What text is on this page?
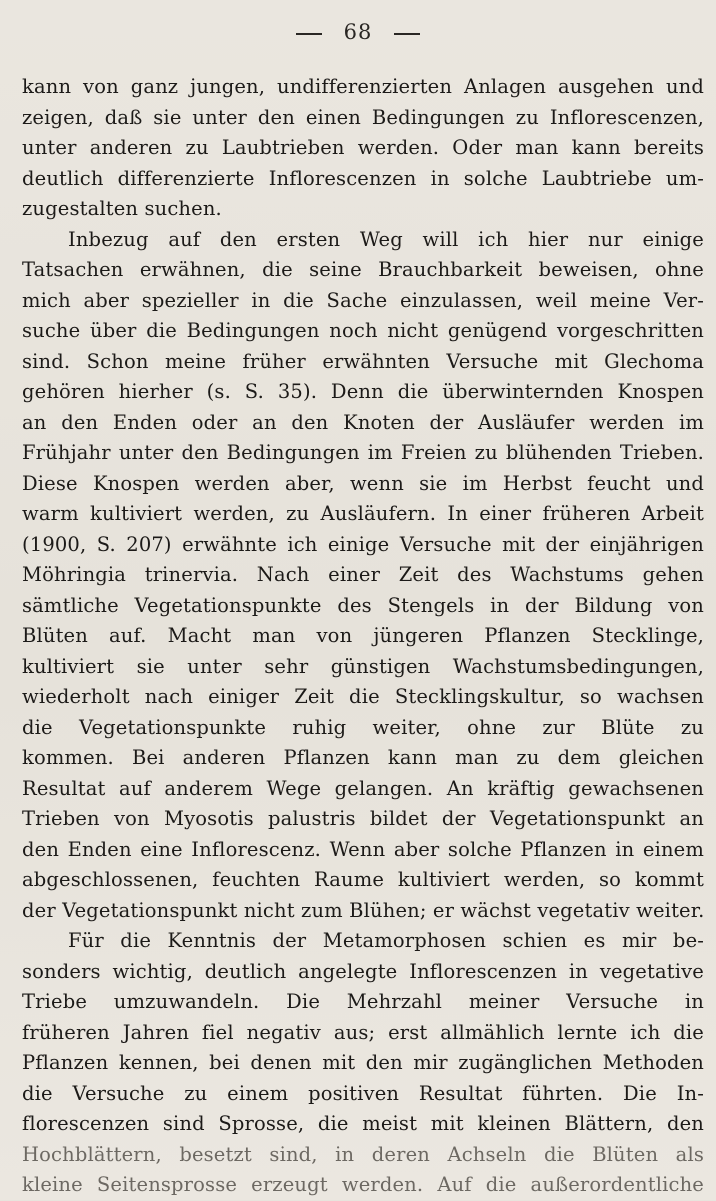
68
kann von ganz jungen, undifferenzierten Anlagen ausgehen und
zeigen, daß sie unter den einen Bedingungen zu Inflorescenzen,
unter anderen zu Laubtrieben werden. Oder man kann bereits
deutlich differenzierte Inflorescenzen in solche Laubtriebe um-
zugestalten suchen.
Inbezug auf den ersten Weg will ich hier nur einige
Tatsachen erwähnen, die seine Brauchbarkeit beweisen, ohne
mich aber spezieller in die Sache einzulassen, weil meine Ver-
suche über die Bedingungen noch nicht genügend vorgeschritten
sind. Schon meine früher erwähnten Versuche mit Glechoma
gehören hierher (s. S. 35). Denn die überwinternden Knospen
an den Enden oder an den Knoten der Ausläufer werden im
Frühjahr unter den Bedingungen im Freien zu blühenden Trieben.
Diese Knospen werden aber, wenn sie im Herbst feucht und
warm kultiviert werden, zu Ausläufern. In einer früheren Arbeit
(1900, S. 207) erwähnte ich einige Versuche mit der einjährigen
Möhringia trinervia. Nach einer Zeit des Wachstums gehen
sämtliche Vegetationspunkte des Stengels in der Bildung von
Blüten auf. Macht man von jüngeren Pflanzen Stecklinge,
kultiviert sie unter sehr günstigen Wachstumsbedingungen,
wiederholt nach einiger Zeit die Stecklingskultur, so wachsen
die Vegetationspunkte ruhig weiter, ohne zur Blüte zu
kommen. Bei anderen Pflanzen kann man zu dem gleichen
Resultat auf anderem Wege gelangen. An kräftig gewachsenen
Trieben von Myosotis palustris bildet der Vegetationspunkt an
den Enden eine Inflorescenz. Wenn aber solche Pflanzen in einem
abgeschlossenen, feuchten Raume kultiviert werden, so kommt
der Vegetationspunkt nicht zum Blühen; er wächst vegetativ weiter.
Für die Kenntnis der Metamorphosen schien es mir be-
sonders wichtig, deutlich angelegte Inflorescenzen in vegetative
Triebe umzuwandeln. Die Mehrzahl meiner Versuche in
früheren Jahren fiel negativ aus; erst allmählich lernte ich die
Pflanzen kennen, bei denen mit den mir zugänglichen Methoden
die Versuche zu einem positiven Resultat führten. Die In-
florescenzen sind Sprosse, die meist mit kleinen Blättern, den
Hochblättern, besetzt sind, in deren Achseln die Blüten als
kleine Seitensprosse erzeugt werden. Auf die außerordentliche
